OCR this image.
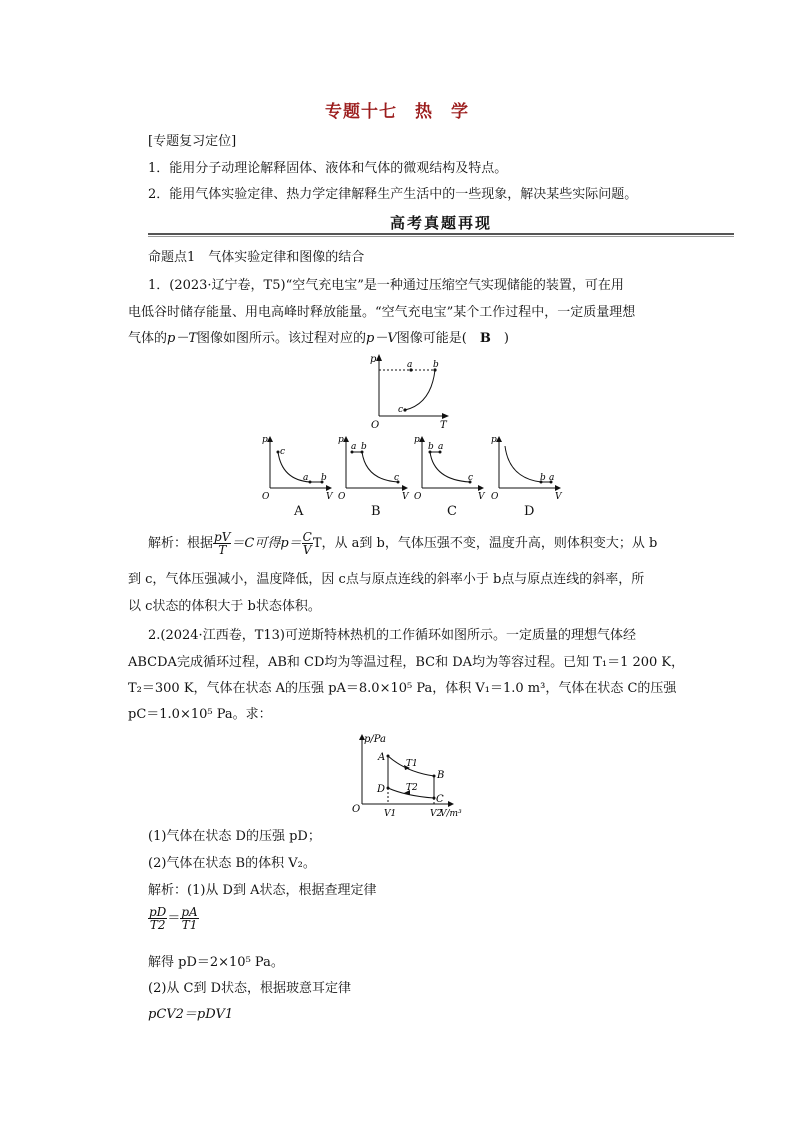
专题十七 热　学
[专题复习定位]
1．能用分子动理论解释固体、液体和气体的微观结构及特点。
2．能用气体实验定律、热力学定律解释生产生活中的一些现象，解决某些实际问题。
高考真题再现
命题点1　气体实验定律和图像的结合
1．(2023·辽宁卷，T5)“空气充电宝”是一种通过压缩空气实现储能的装置，可在用
电低谷时储存能量、用电高峰时释放能量。“空气充电宝”某个工作过程中，一定质量理想
气体的p－T图像如图所示。该过程对应的p－V图像可能是(　B　)
p
T
O
a b
c
c
a b
p
V
O
a b
c
p
V
O
b a
c
p
V
O
b a
p
V
O
A	B	C	D
解析：根据 $\frac{pV}{T} =C$可得$p= \frac{C}{V}$ T，从 a到 b，气体压强不变，温度升高，则体积变大；从 b
到 c，气体压强减小，温度降低，因 c点与原点连线的斜率小于 b点与原点连线的斜率，所
以 c状态的体积大于 b状态体积。
2.(2024·江西卷，T13)可逆斯特林热机的工作循环如图所示。一定质量的理想气体经
ABCDA完成循环过程，AB和 CD均为等温过程，BC和 DA均为等容过程。已知 T₁＝1 200 K，
T₂＝300 K，气体在状态 A的压强 pA＝8.0×10⁵ Pa，体积 V₁＝1.0 m³，气体在状态 C的压强
pC＝1.0×10⁵ Pa。求：
p/Pa
V/m³
O	V1	V2
A
B
C
D
T1
T2
(1)气体在状态 D的压强 pD；
(2)气体在状态 B的体积 V₂。
解析：(1)从 D到 A状态，根据查理定律
$\frac{pD}{T2} = \frac{pA}{T1}$
解得 pD＝2×10⁵ Pa。
(2)从 C到 D状态，根据玻意耳定律
pCV2＝pDV1
